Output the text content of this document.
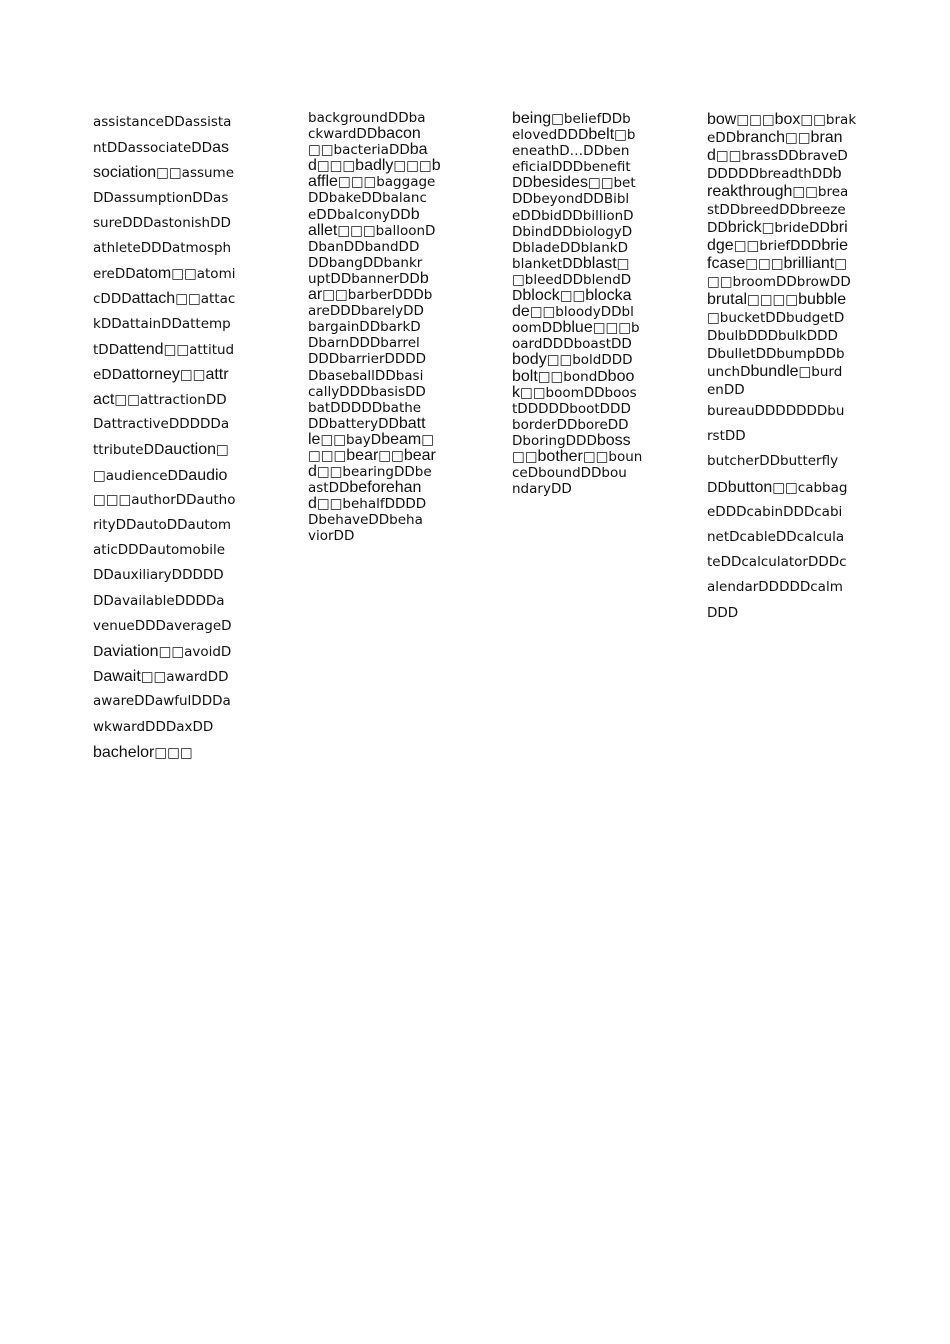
assistanceDDassista
ntDDassociateDDas
sociation□□assume
DDassumptionDDas
sureDDDastonishDD
athleteDDDatmosph
ereDDatom□□atomi
cDDDattach□□attac
kDDattainDDattemp
tDDattend□□attitud
eDDattorney□□attr
act□□attractionDD
DattractiveDDDDDa
ttributeDDauction□
□audienceDDaudio
□□□authorDDautho
rityDDautoDDautom
aticDDDautomobile
DDauxiliaryDDDDD
DDavailableDDDDa
venueDDDaverageD
Daviation□□avoidD
Dawait□□awardDD
awareDDawfulDDDa
wkwardDDDaxDD
bachelor□□□
backgroundDDba
ckwardDDbacon
□□bacteriaDDba
d□□□badly□□□b
affle□□□baggage
DDbakeDDbalanc
eDDbalconyDDb
allet□□□balloonD
DbanDDbandDD
DDbangDDbankr
uptDDbannerDDb
ar□□barberDDDb
areDDDbarelyDD
bargainDDbarkD
DbarnDDDbarrel
DDDbarrierDDDD
DbaseballDDbasi
callyDDDbasisDD
batDDDDDbathe
DDbatteryDDbatt
le□□bayDbeam□
□□□bear□□bear
d□□bearingDDbe
astDDbeforehan
d□□behalfDDDD
DbehaveDDbeha
viorDD
being□beliefDDb
elovedDDDbelt□b
eneathD…DDben
eficialDDDbenefit
DDbesides□□bet
DDbeyondDDBibl
eDDbidDDbillionD
DbindDDbiologyD
DbladeDDblankD
blanketDDblast□
□bleedDDblendD
Dblock□□blocka
de□□bloodyDDbl
oomDDblue□□□b
oardDDDboastDD
body□□boldDDD
bolt□□bondDboo
k□□boomDDboos
tDDDDDbootDDD
borderDDboreDD
DboringDDDboss
□□bother□□boun
ceDboundDDbou
ndaryDD
bow□□□box□□brak
eDDbranch□□bran
d□□brassDDbraveD
DDDDDbreadthDDb
reakthrough□□brea
stDDbreedDDbreeze
DDbrick□brideDDbri
dge□□briefDDDbrie
fcase□□□brilliant□
□□broomDDbrowDD
brutal□□□□bubble
□bucketDDbudgetD
DbulbDDDbulkDDD
DbulletDDbumpDDb
unchDbundle□burd
enDD
bureauDDDDDDDbu
rstDD
butcherDDbutterfly
DDbutton□□cabbag
eDDDcabinDDDcabi
netDcableDDcalcula
teDDcalculatorDDDc
alendarDDDDDcalm
DDD
